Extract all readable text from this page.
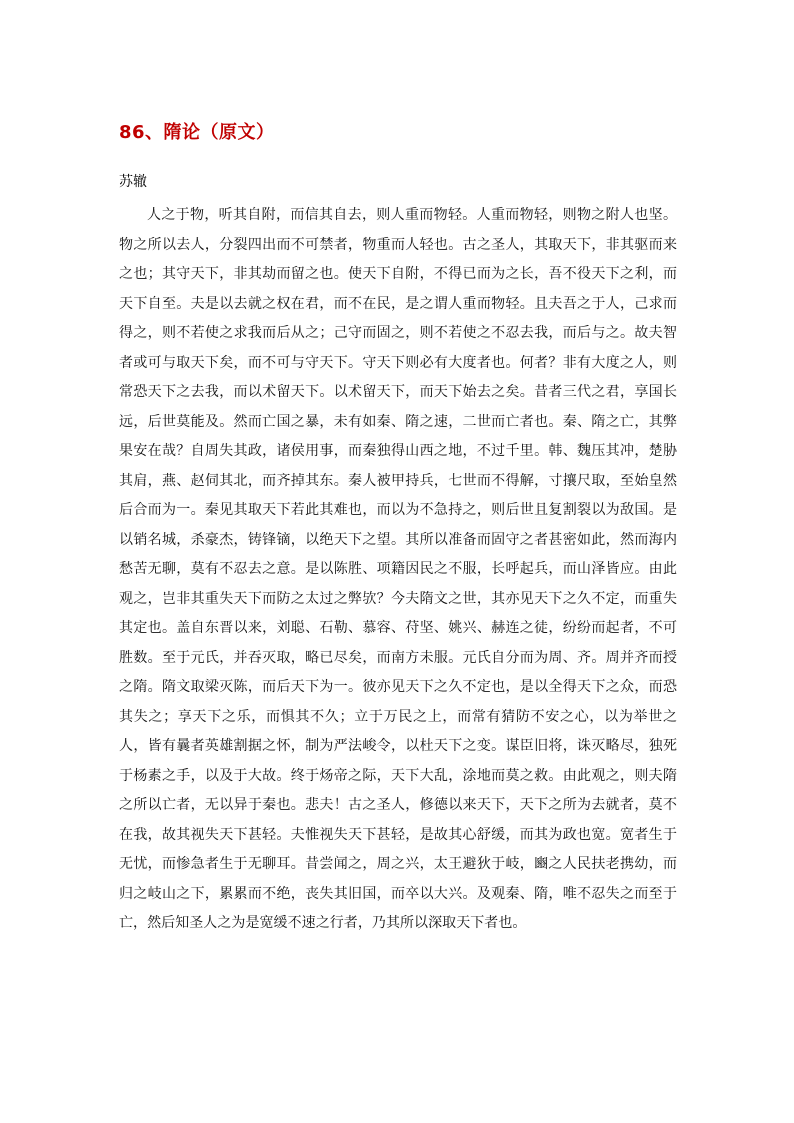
86、隋论（原文）

苏辙

人之于物，听其自附，而信其自去，则人重而物轻。人重而物轻，则物之附人也坚。物之所以去人，分裂四出而不可禁者，物重而人轻也。古之圣人，其取天下，非其驱而来之也；其守天下，非其劫而留之也。使天下自附，不得已而为之长，吾不役天下之利，而天下自至。夫是以去就之权在君，而不在民，是之谓人重而物轻。且夫吾之于人，己求而得之，则不若使之求我而后从之；己守而固之，则不若使之不忍去我，而后与之。故夫智者或可与取天下矣，而不可与守天下。守天下则必有大度者也。何者？非有大度之人，则常恐天下之去我，而以术留天下。以术留天下，而天下始去之矣。昔者三代之君，享国长远，后世莫能及。然而亡国之暴，未有如秦、隋之速，二世而亡者也。秦、隋之亡，其弊果安在哉？自周失其政，诸侯用事，而秦独得山西之地，不过千里。韩、魏压其冲，楚胁其肩，燕、赵伺其北，而齐掉其东。秦人被甲持兵，七世而不得解，寸攘尺取，至始皇然后合而为一。秦见其取天下若此其难也，而以为不急持之，则后世且复割裂以为敌国。是以销名城，杀豪杰，铸锋镝，以绝天下之望。其所以准备而固守之者甚密如此，然而海内愁苦无聊，莫有不忍去之意。是以陈胜、项籍因民之不服，长呼起兵，而山泽皆应。由此观之，岂非其重失天下而防之太过之弊欤？今夫隋文之世，其亦见天下之久不定，而重失其定也。盖自东晋以来，刘聪、石勒、慕容、苻坚、姚兴、赫连之徒，纷纷而起者，不可胜数。至于元氏，并吞灭取，略已尽矣，而南方未服。元氏自分而为周、齐。周并齐而授之隋。隋文取梁灭陈，而后天下为一。彼亦见天下之久不定也，是以全得天下之众，而恐其失之；享天下之乐，而惧其不久；立于万民之上，而常有猜防不安之心，以为举世之人，皆有曩者英雄割据之怀，制为严法峻令，以杜天下之变。谋臣旧将，诛灭略尽，独死于杨素之手，以及于大故。终于炀帝之际，天下大乱，涂地而莫之救。由此观之，则夫隋之所以亡者，无以异于秦也。悲夫！古之圣人，修德以来天下，天下之所为去就者，莫不在我，故其视失天下甚轻。夫惟视失天下甚轻，是故其心舒缓，而其为政也宽。宽者生于无忧，而惨急者生于无聊耳。昔尝闻之，周之兴，太王避狄于岐，豳之人民扶老携幼，而归之岐山之下，累累而不绝，丧失其旧国，而卒以大兴。及观秦、隋，唯不忍失之而至于亡，然后知圣人之为是宽缓不速之行者，乃其所以深取天下者也。
